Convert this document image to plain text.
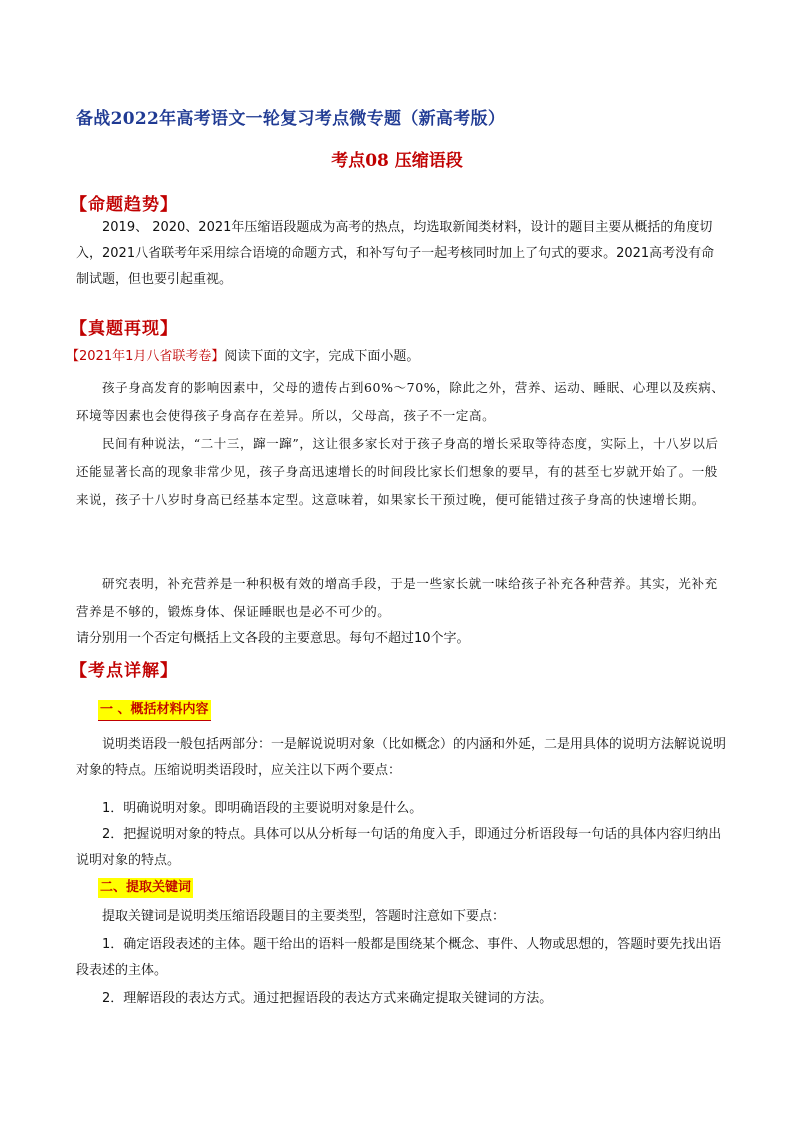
备战2022年高考语文一轮复习考点微专题（新高考版）
考点08 压缩语段
【命题趋势】

2019、 2020、2021年压缩语段题成为高考的热点，均选取新闻类材料，设计的题目主要从概括的角度切入，2021八省联考年采用综合语境的命题方式，和补写句子一起考核同时加上了句式的要求。2021高考没有命制试题，但也要引起重视。

【真题再现】

【2021年1月八省联考卷】阅读下面的文字，完成下面小题。

孩子身高发育的影响因素中，父母的遗传占到60%～70%，除此之外，营养、运动、睡眠、心理以及疾病、环境等因素也会使得孩子身高存在差异。所以，父母高，孩子不一定高。

民间有种说法，“二十三，蹿一蹿”，这让很多家长对于孩子身高的增长采取等待态度，实际上，十八岁以后还能显著长高的现象非常少见，孩子身高迅速增长的时间段比家长们想象的要早，有的甚至七岁就开始了。一般来说，孩子十八岁时身高已经基本定型。这意味着，如果家长干预过晚，便可能错过孩子身高的快速增长期。

研究表明，补充营养是一种积极有效的增高手段，于是一些家长就一味给孩子补充各种营养。其实，光补充营养是不够的，锻炼身体、保证睡眠也是必不可少的。

请分别用一个否定句概括上文各段的主要意思。每句不超过10个字。

【考点详解】
一 、概括材料内容

说明类语段一般包括两部分：一是解说说明对象（比如概念）的内涵和外延，二是用具体的说明方法解说说明对象的特点。压缩说明类语段时，应关注以下两个要点：

1．明确说明对象。即明确语段的主要说明对象是什么。

2．把握说明对象的特点。具体可以从分析每一句话的角度入手，即通过分析语段每一句话的具体内容归纳出说明对象的特点。

二、提取关键词

提取关键词是说明类压缩语段题目的主要类型，答题时注意如下要点：

1．确定语段表述的主体。题干给出的语料一般都是围绕某个概念、事件、人物或思想的，答题时要先找出语段表述的主体。

2．理解语段的表达方式。通过把握语段的表达方式来确定提取关键词的方法。
